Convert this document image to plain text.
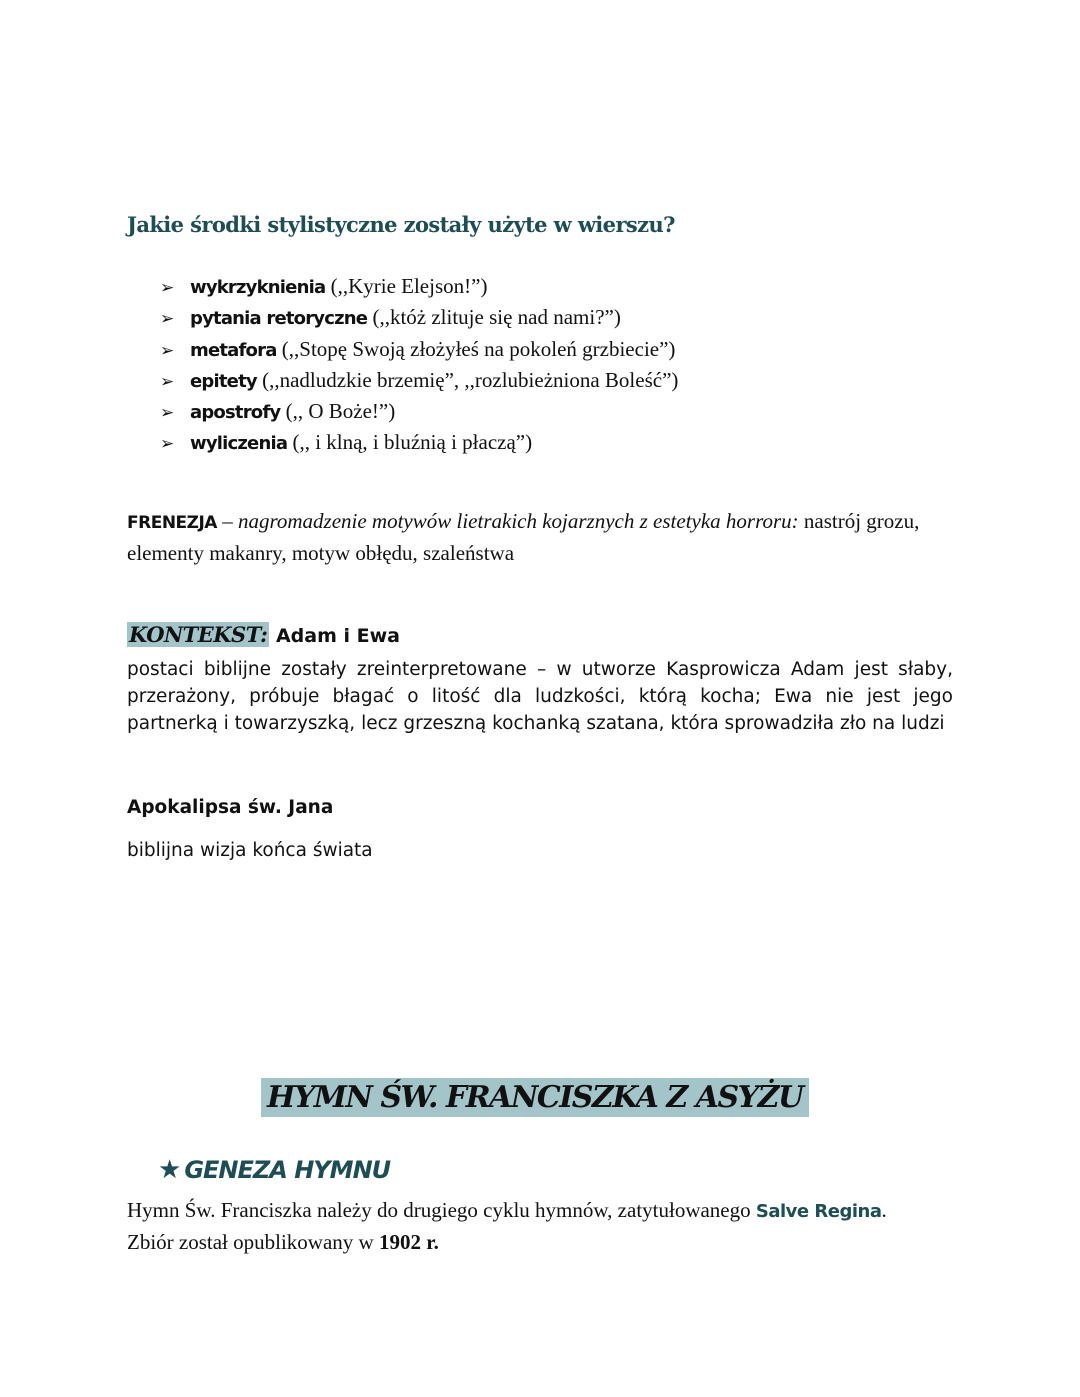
Jakie środki stylistyczne zostały użyte w wierszu?
➢ wykrzyknienia (,,Kyrie Elejson!”)
➢ pytania retoryczne (,,któż zlituje się nad nami?”)
➢ metafora (,,Stopę Swoją złożyłeś na pokoleń grzbiecie”)
➢ epitety (,,nadludzkie brzemię”, ,,rozlubieżniona Boleść”)
➢ apostrofy (,, O Boże!”)
➢ wyliczenia (,, i klną, i bluźnią i płaczą”)
FRENEZJA – nagromadzenie motywów lietrakich kojarznych z estetyka horroru: nastrój grozu, elementy makanry, motyw obłędu, szaleństwa
KONTEKST: Adam i Ewa
postaci biblijne zostały zreinterpretowane – w utworze Kasprowicza Adam jest słaby, przerażony, próbuje błagać o litość dla ludzkości, którą kocha; Ewa nie jest jego partnerką i towarzyszką, lecz grzeszną kochanką szatana, która sprowadziła zło na ludzi
Apokalipsa św. Jana
biblijna wizja końca świata
HYMN ŚW. FRANCISZKA Z ASYŻU
★ GENEZA HYMNU
Hymn Św. Franciszka należy do drugiego cyklu hymnów, zatytułowanego Salve Regina.
Zbiór został opublikowany w 1902 r.
